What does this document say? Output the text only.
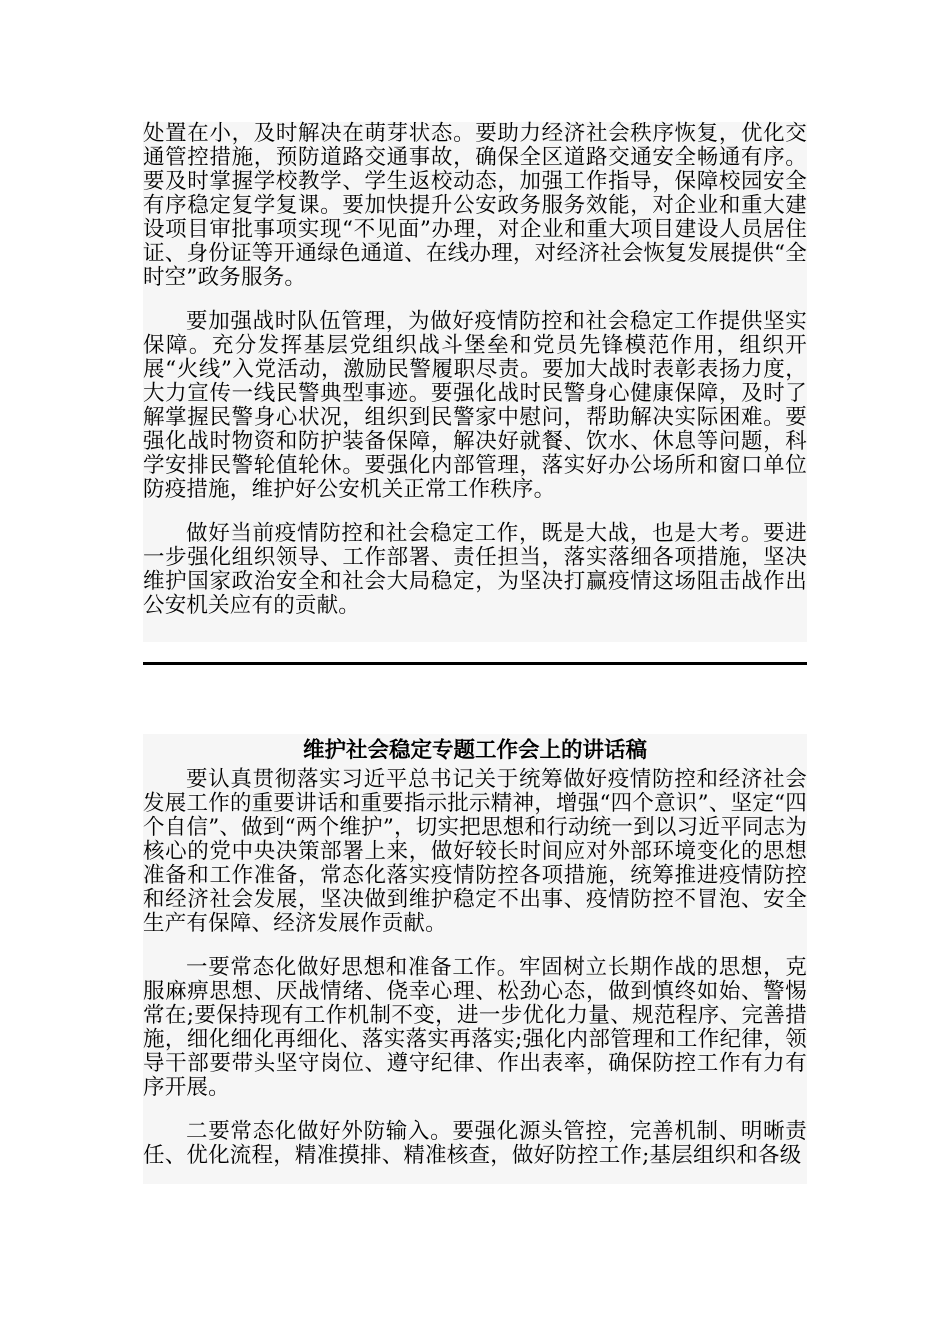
处置在小，及时解决在萌芽状态。要助力经济社会秩序恢复，优化交通管控措施，预防道路交通事故，确保全区道路交通安全畅通有序。要及时掌握学校教学、学生返校动态，加强工作指导，保障校园安全有序稳定复学复课。要加快提升公安政务服务效能，对企业和重大建设项目审批事项实现“不见面”办理，对企业和重大项目建设人员居住证、身份证等开通绿色通道、在线办理，对经济社会恢复发展提供“全时空”政务服务。

要加强战时队伍管理，为做好疫情防控和社会稳定工作提供坚实保障。充分发挥基层党组织战斗堡垒和党员先锋模范作用，组织开展“火线”入党活动，激励民警履职尽责。要加大战时表彰表扬力度，大力宣传一线民警典型事迹。要强化战时民警身心健康保障，及时了解掌握民警身心状况，组织到民警家中慰问，帮助解决实际困难。要强化战时物资和防护装备保障，解决好就餐、饮水、休息等问题，科学安排民警轮值轮休。要强化内部管理，落实好办公场所和窗口单位防疫措施，维护好公安机关正常工作秩序。

做好当前疫情防控和社会稳定工作，既是大战，也是大考。要进一步强化组织领导、工作部署、责任担当，落实落细各项措施，坚决维护国家政治安全和社会大局稳定，为坚决打赢疫情这场阻击战作出公安机关应有的贡献。

维护社会稳定专题工作会上的讲话稿

要认真贯彻落实习近平总书记关于统筹做好疫情防控和经济社会发展工作的重要讲话和重要指示批示精神，增强“四个意识”、坚定“四个自信”、做到“两个维护”，切实把思想和行动统一到以习近平同志为核心的党中央决策部署上来，做好较长时间应对外部环境变化的思想准备和工作准备，常态化落实疫情防控各项措施，统筹推进疫情防控和经济社会发展，坚决做到维护稳定不出事、疫情防控不冒泡、安全生产有保障、经济发展作贡献。

一要常态化做好思想和准备工作。牢固树立长期作战的思想，克服麻痹思想、厌战情绪、侥幸心理、松劲心态，做到慎终如始、警惕常在;要保持现有工作机制不变，进一步优化力量、规范程序、完善措施，细化细化再细化、落实落实再落实;强化内部管理和工作纪律，领导干部要带头坚守岗位、遵守纪律、作出表率，确保防控工作有力有序开展。

二要常态化做好外防输入。要强化源头管控，完善机制、明晰责任、优化流程，精准摸排、精准核查，做好防控工作;基层组织和各级
